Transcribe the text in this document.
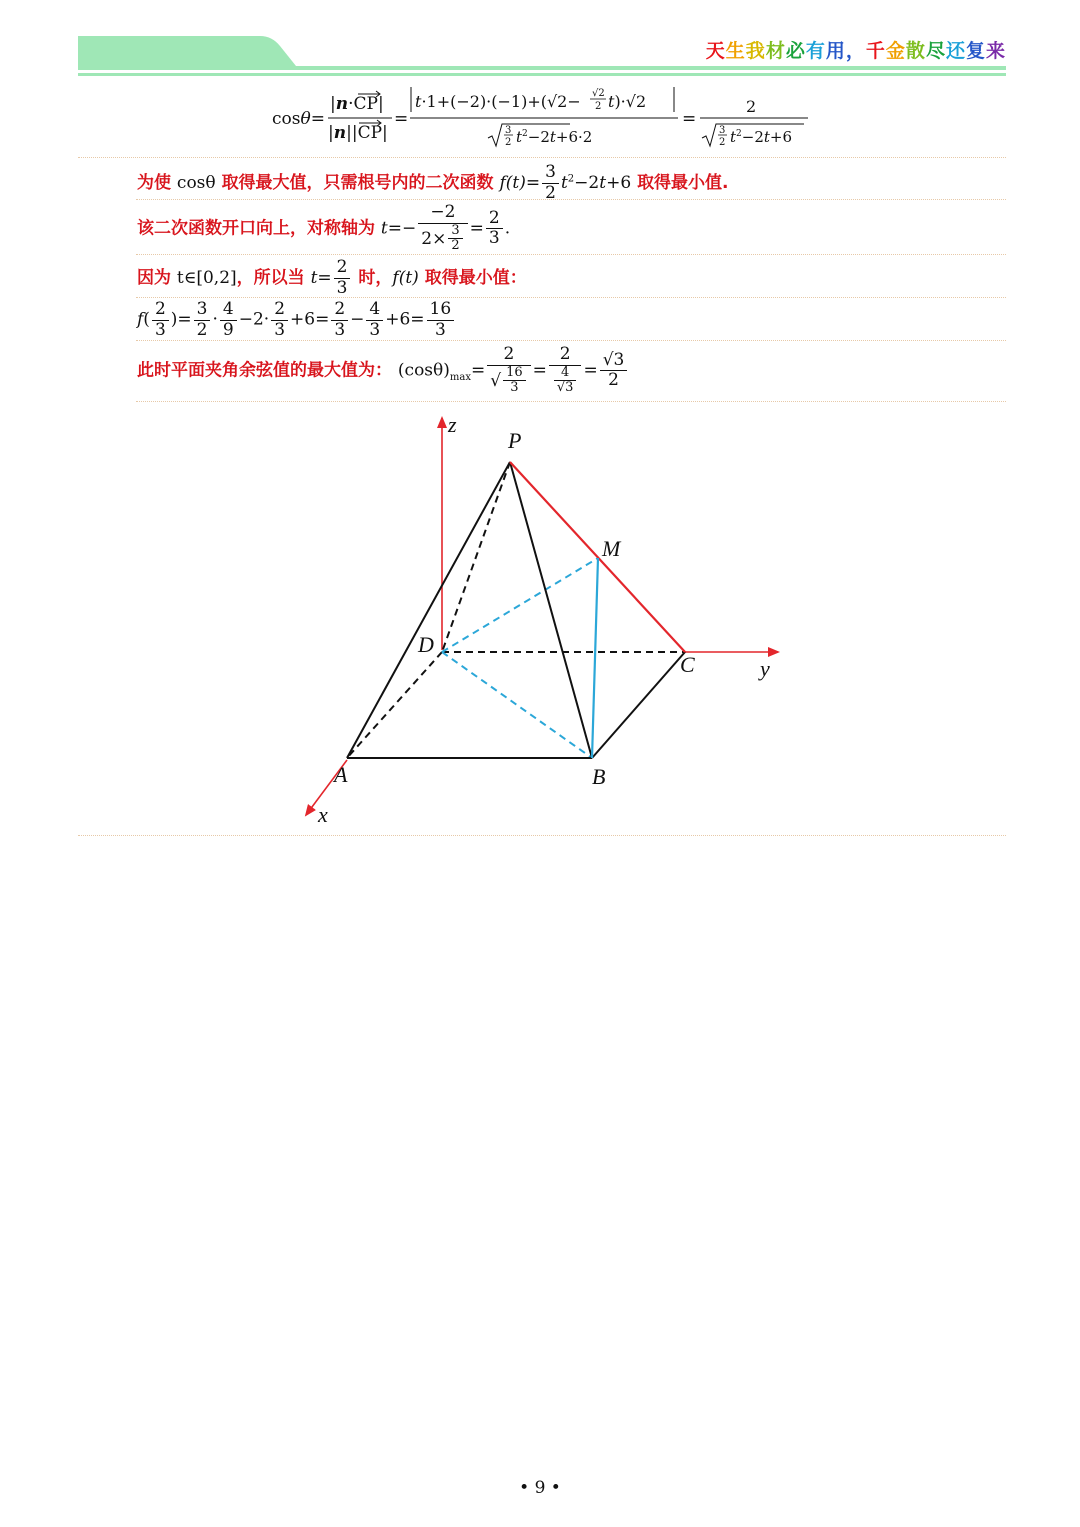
天生我材必有用，千金散尽还复来
cosθ=
|n·CP|
|n||CP|
=
t·1+(−2)·(−1)+(√2− √2
2 t)·√2
3
2 $t^2-2t+6\cdot 2$
=
2
3
2 $t^2-2t+6$
为使 cosθ 取得最大值，只需根号内的二次函数 $f(t)= \frac{3}{2} t^2-2t+6$ 取得最小值.
该二次函数开口向上，对称轴为 $t=- \frac{-2}{2\times \frac{3}{2}} = \frac{2}{3}$ .
因为 t∈[0,2]，所以当 $t= \frac{2}{3}$ 时，f(t) 取得最小值：
$f( \frac{2}{3}$ )= $\frac{3}{2} \cdot \frac{4}{9} -2\cdot \frac{2}{3} +6= \frac{2}{3} - \frac{4}{3} +6= \frac{16}{3}$
此时平面夹角余弦值的最大值为： $(\cos\theta)_{max}= \frac{2}{√ \frac{16}{3}} = \frac{2}{\frac{4}{√3}} = \frac{√3}{2}$
z
P
M
D
C	y
A	B
x
• 9 •
